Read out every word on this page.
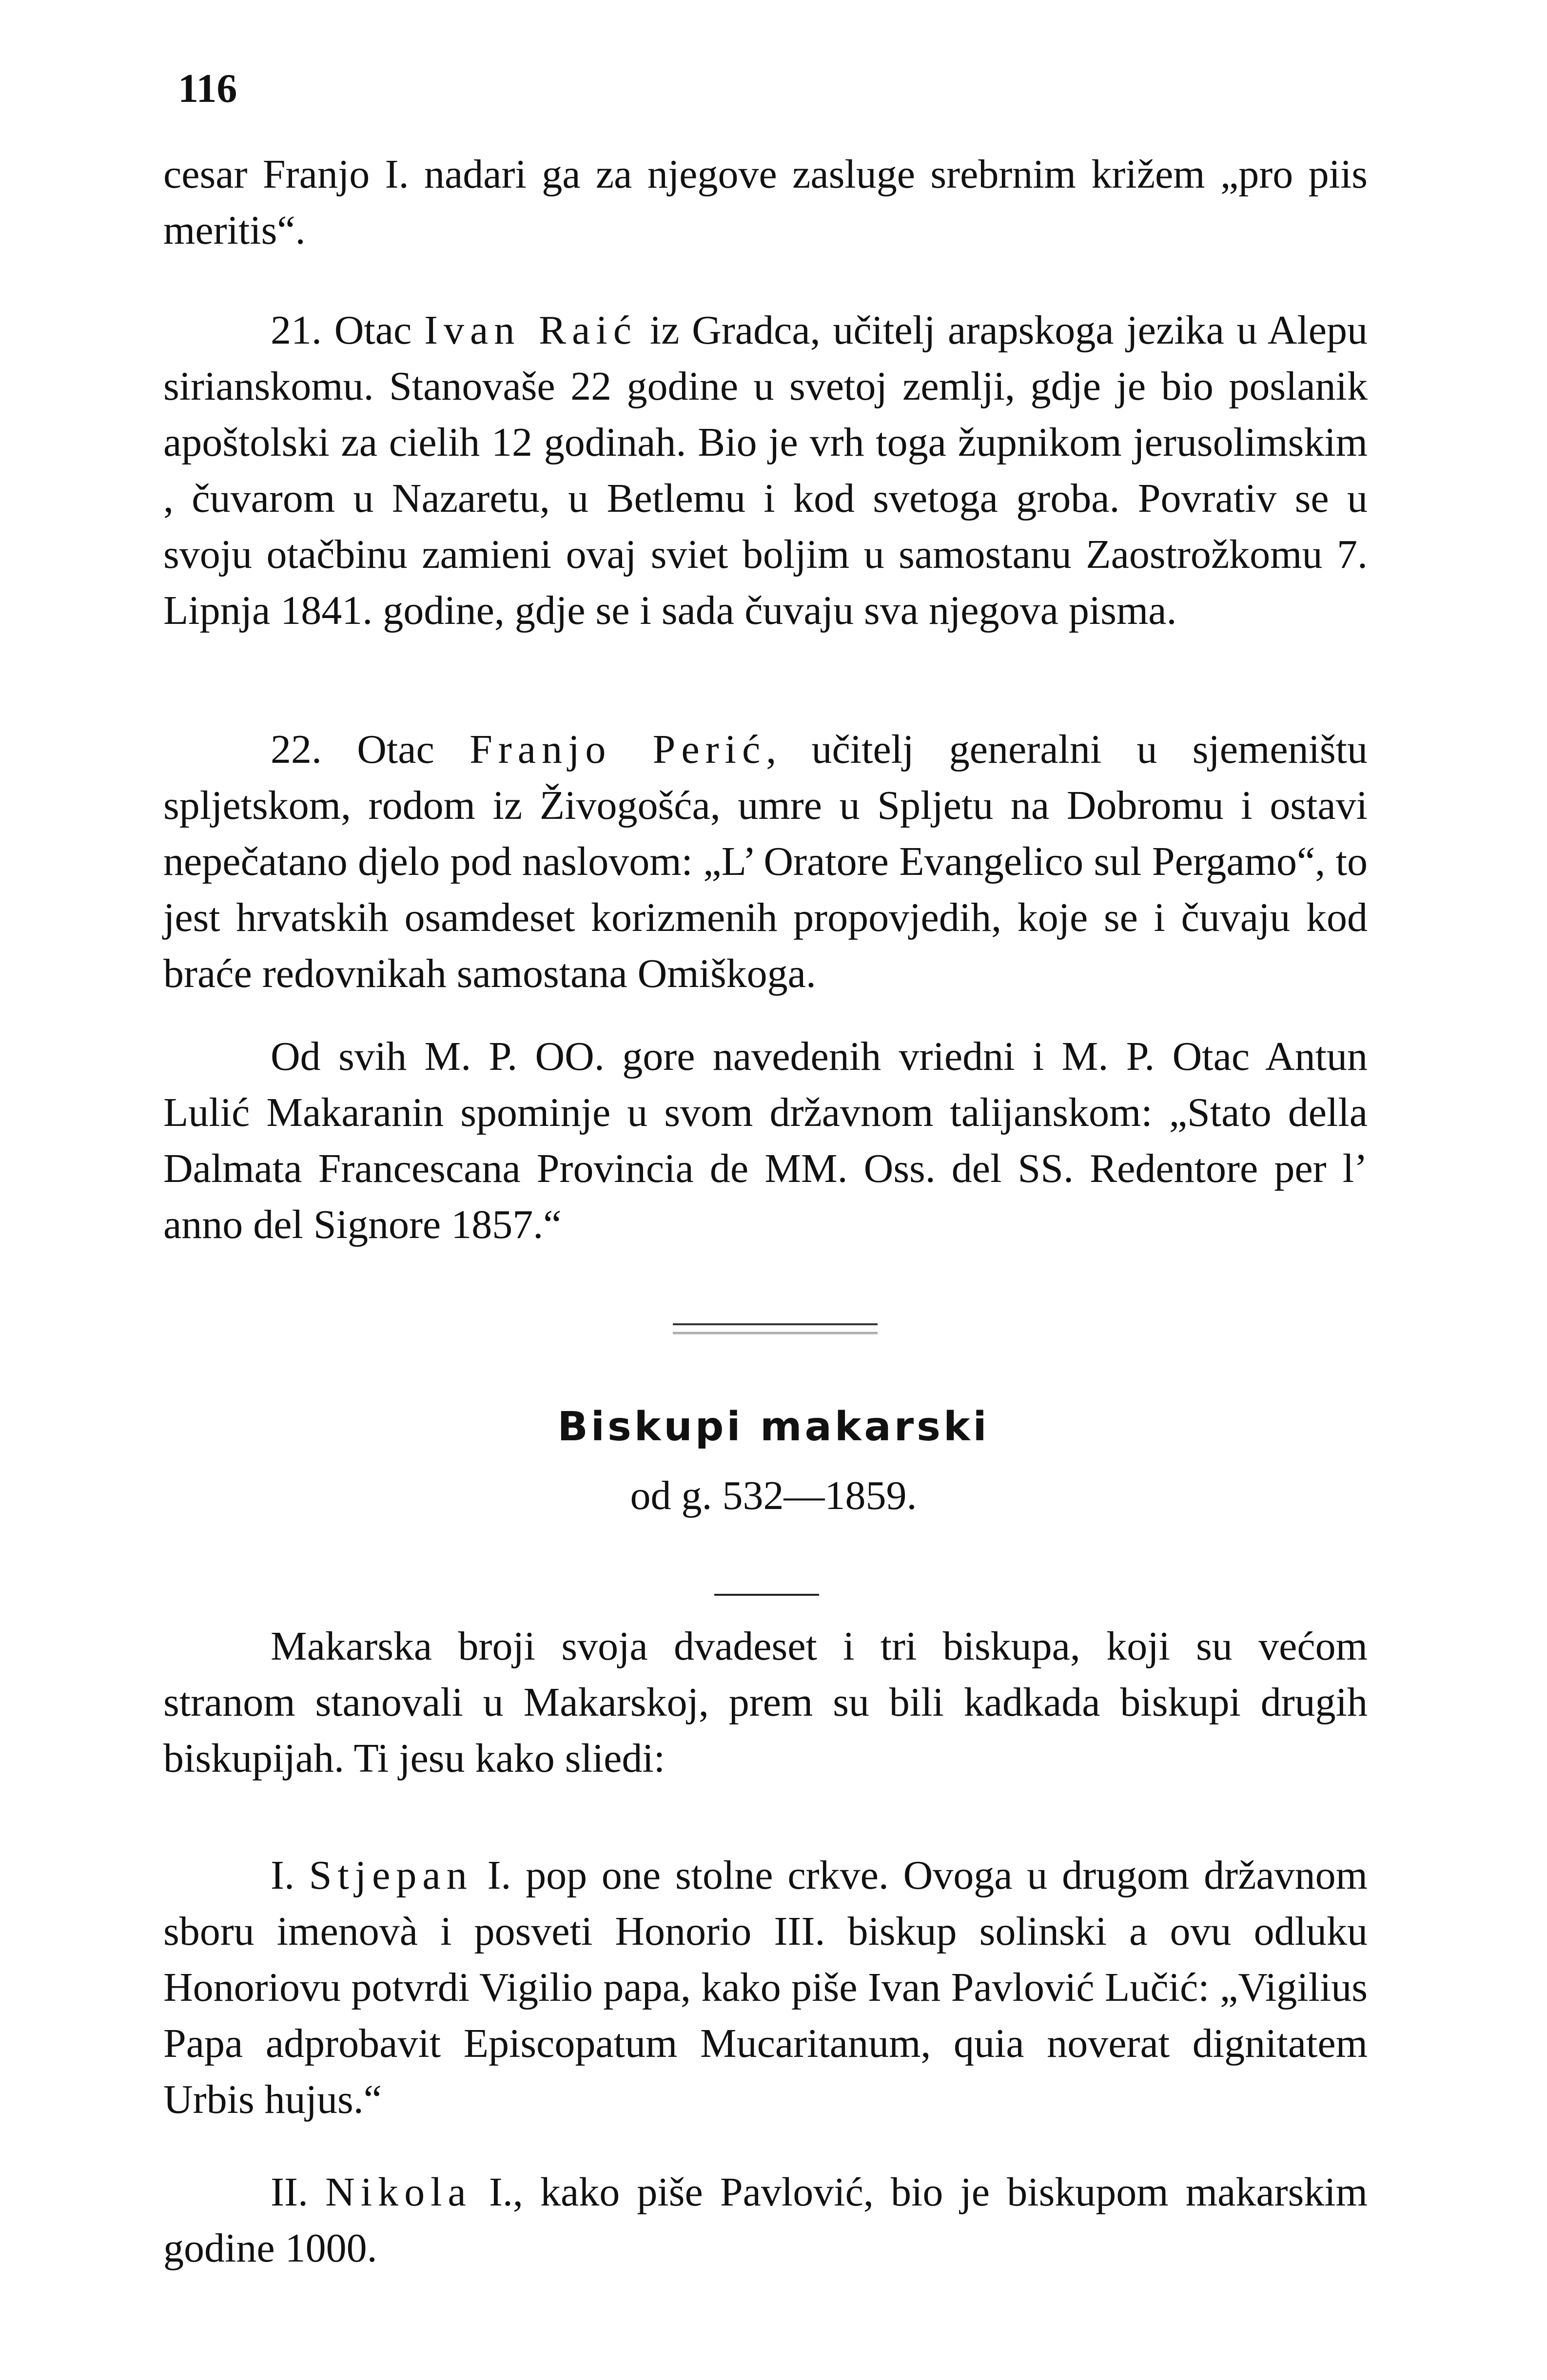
116

cesar Franjo I. nadari ga za njegove zasluge srebrnim križem „pro piis meritis“.

21. Otac Ivan Raić iz Gradca, učitelj arapskoga jezika u Alepu sirianskomu. Stanovaše 22 godine u svetoj zemlji, gdje je bio poslanik apoštolski za cielih 12 godinah. Bio je vrh toga župnikom jerusolimskim , čuvarom u Nazaretu, u Betlemu i kod svetoga groba. Povrativ se u svoju otačbinu zamieni ovaj sviet boljim u samostanu Zaostrožkomu 7. Lipnja 1841. godine, gdje se i sada čuvaju sva njegova pisma.

22. Otac Franjo Perić, učitelj generalni u sjemeništu spljetskom, rodom iz Živogošća, umre u Spljetu na Dobromu i ostavi nepečatano djelo pod naslovom: „L’ Oratore Evangelico sul Pergamo“, to jest hrvatskih osamdeset korizmenih propovjedih, koje se i čuvaju kod braće redovnikah samostana Omiškoga.

Od svih M. P. OO. gore navedenih vriedni i M. P. Otac Antun Lulić Makaranin spominje u svom državnom talijanskom: „Stato della Dalmata Francescana Provincia de MM. Oss. del SS. Redentore per l’ anno del Signore 1857.“

Biskupi makarski
od g. 532—1859.

Makarska broji svoja dvadeset i tri biskupa, koji su većom stranom stanovali u Makarskoj, prem su bili kadkada biskupi drugih biskupijah. Ti jesu kako sliedi:

I. Stjepan I. pop one stolne crkve. Ovoga u drugom državnom sboru imenovà i posveti Honorio III. biskup solinski a ovu odluku Honoriovu potvrdi Vigilio papa, kako piše Ivan Pavlović Lučić: „Vigilius Papa adprobavit Episcopatum Mucaritanum, quia noverat dignitatem Urbis hujus.“

II. Nikola I., kako piše Pavlović, bio je biskupom makarskim godine 1000.
